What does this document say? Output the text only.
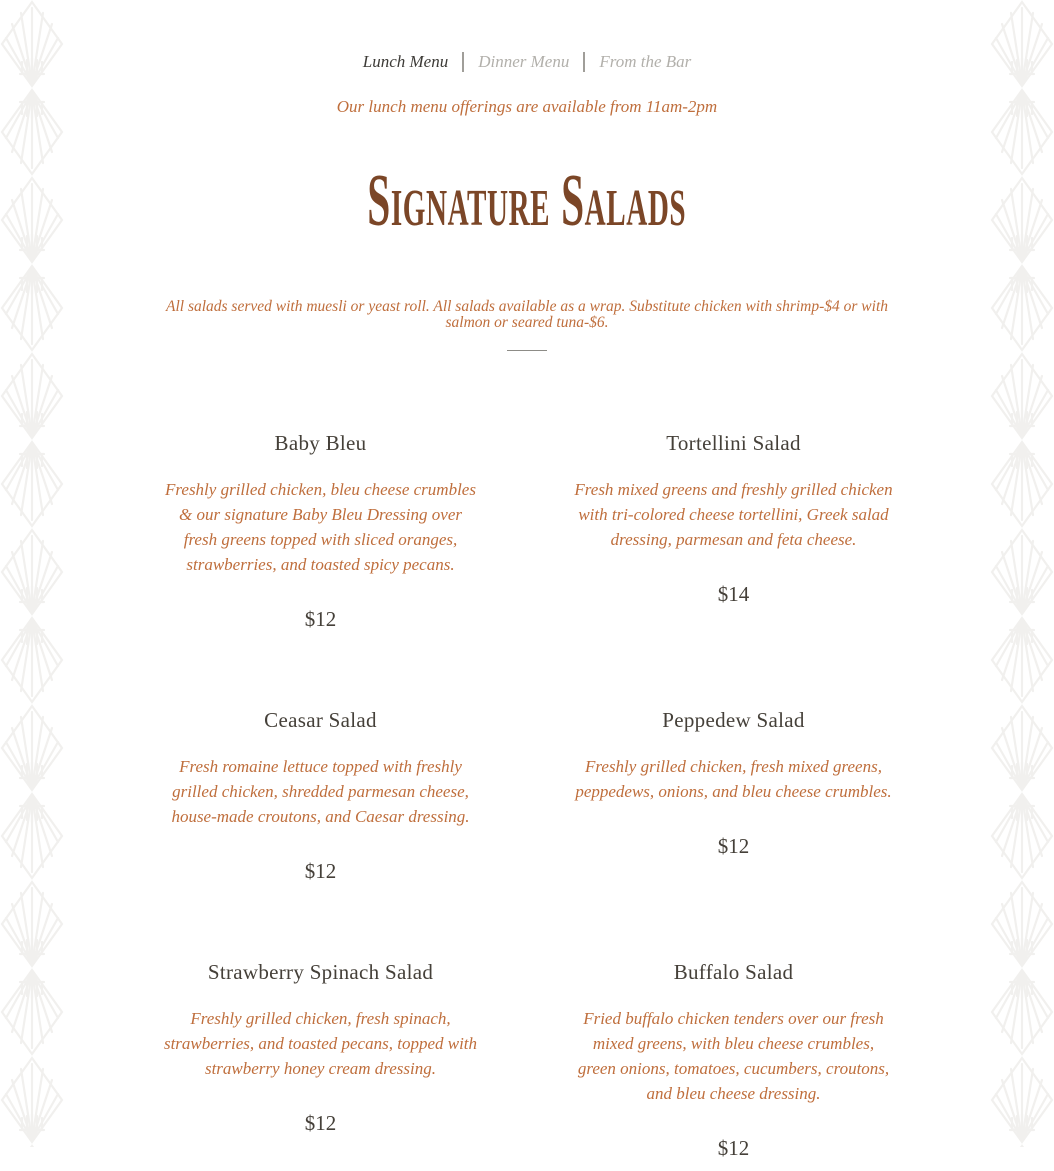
Lunch Menu Dinner Menu From the Bar

Our lunch menu offerings are available from 11am-2pm

Signature Salads

All salads served with muesli or yeast roll. All salads available as a wrap. Substitute chicken with shrimp-$4 or with salmon or seared tuna-$6.

Baby Bleu

Freshly grilled chicken, bleu cheese crumbles & our signature Baby Bleu Dressing over fresh greens topped with sliced oranges, strawberries, and toasted spicy pecans.

$12
Tortellini Salad

Fresh mixed greens and freshly grilled chicken with tri-colored cheese tortellini, Greek salad dressing, parmesan and feta cheese.

$14
Ceasar Salad

Fresh romaine lettuce topped with freshly grilled chicken, shredded parmesan cheese, house-made croutons, and Caesar dressing.

$12
Peppedew Salad

Freshly grilled chicken, fresh mixed greens, peppedews, onions, and bleu cheese crumbles.

$12
Strawberry Spinach Salad

Freshly grilled chicken, fresh spinach, strawberries, and toasted pecans, topped with strawberry honey cream dressing.

$12
Buffalo Salad

Fried buffalo chicken tenders over our fresh mixed greens, with bleu cheese crumbles, green onions, tomatoes, cucumbers, croutons, and bleu cheese dressing.

$12
